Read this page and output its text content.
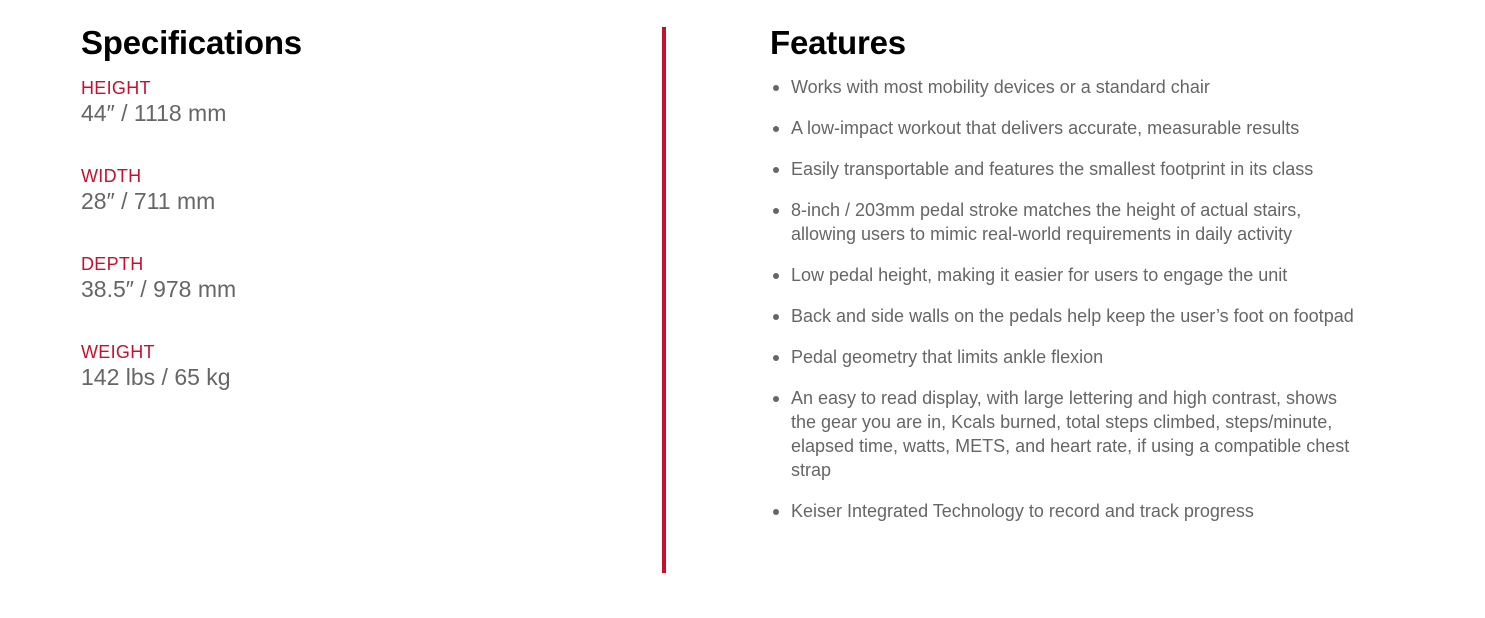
Specifications
HEIGHT
44″ / 1118 mm
WIDTH
28″ / 711 mm
DEPTH
38.5″ / 978 mm
WEIGHT
142 lbs / 65 kg
Features
Works with most mobility devices or a standard chair
A low-impact workout that delivers accurate, measurable results
Easily transportable and features the smallest footprint in its class
8-inch / 203mm pedal stroke matches the height of actual stairs, allowing users to mimic real-world requirements in daily activity
Low pedal height, making it easier for users to engage the unit
Back and side walls on the pedals help keep the user’s foot on footpad
Pedal geometry that limits ankle flexion
An easy to read display, with large lettering and high contrast, shows the gear you are in, Kcals burned, total steps climbed, steps/minute, elapsed time, watts, METS, and heart rate, if using a compatible chest strap
Keiser Integrated Technology to record and track progress
